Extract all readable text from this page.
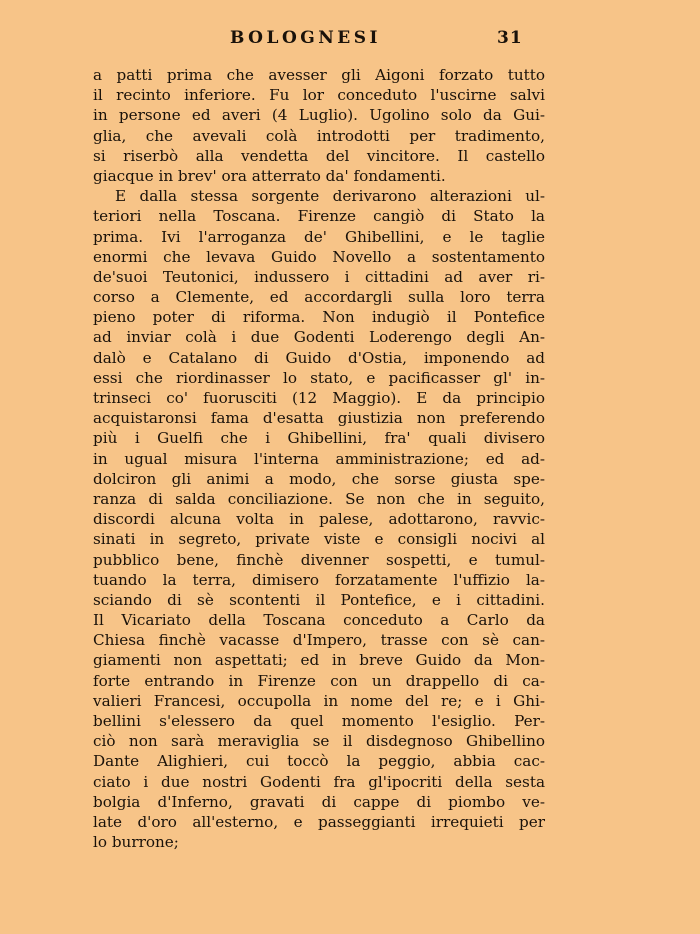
BOLOGNESI	31
a patti prima che avesser gli Aigoni forzato tutto
il recinto inferiore. Fu lor conceduto l'uscirne salvi
in persone ed averi (4 Luglio). Ugolino solo da Gui-
glia, che avevali colà introdotti per tradimento,
si riserbò alla vendetta del vincitore. Il castello
giacque in brev' ora atterrato da' fondamenti.
E dalla stessa sorgente derivarono alterazioni ul-
teriori nella Toscana. Firenze cangiò di Stato la
prima. Ivi l'arroganza de' Ghibellini, e le taglie
enormi che levava Guido Novello a sostentamento
de'suoi Teutonici, indussero i cittadini ad aver ri-
corso a Clemente, ed accordargli sulla loro terra
pieno poter di riforma. Non indugiò il Pontefice
ad inviar colà i due Godenti Loderengo degli An-
dalò e Catalano di Guido d'Ostia, imponendo ad
essi che riordinasser lo stato, e pacificasser gl' in-
trinseci co' fuorusciti (12 Maggio). E da principio
acquistaronsi fama d'esatta giustizia non preferendo
più i Guelfi che i Ghibellini, fra' quali divisero
in ugual misura l'interna amministrazione; ed ad-
dolciron gli animi a modo, che sorse giusta spe-
ranza di salda conciliazione. Se non che in seguito,
discordi alcuna volta in palese, adottarono, ravvic-
sinati in segreto, private viste e consigli nocivi al
pubblico bene, finchè divenner sospetti, e tumul-
tuando la terra, dimisero forzatamente l'uffizio la-
sciando di sè scontenti il Pontefice, e i cittadini.
Il Vicariato della Toscana conceduto a Carlo da
Chiesa finchè vacasse d'Impero, trasse con sè can-
giamenti non aspettati; ed in breve Guido da Mon-
forte entrando in Firenze con un drappello di ca-
valieri Francesi, occupolla in nome del re; e i Ghi-
bellini s'elessero da quel momento l'esiglio. Per-
ciò non sarà meraviglia se il disdegnoso Ghibellino
Dante Alighieri, cui toccò la peggio, abbia cac-
ciato i due nostri Godenti fra gl'ipocriti della sesta
bolgia d'Inferno, gravati di cappe di piombo ve-
late d'oro all'esterno, e passeggianti irrequieti per
lo burrone;
